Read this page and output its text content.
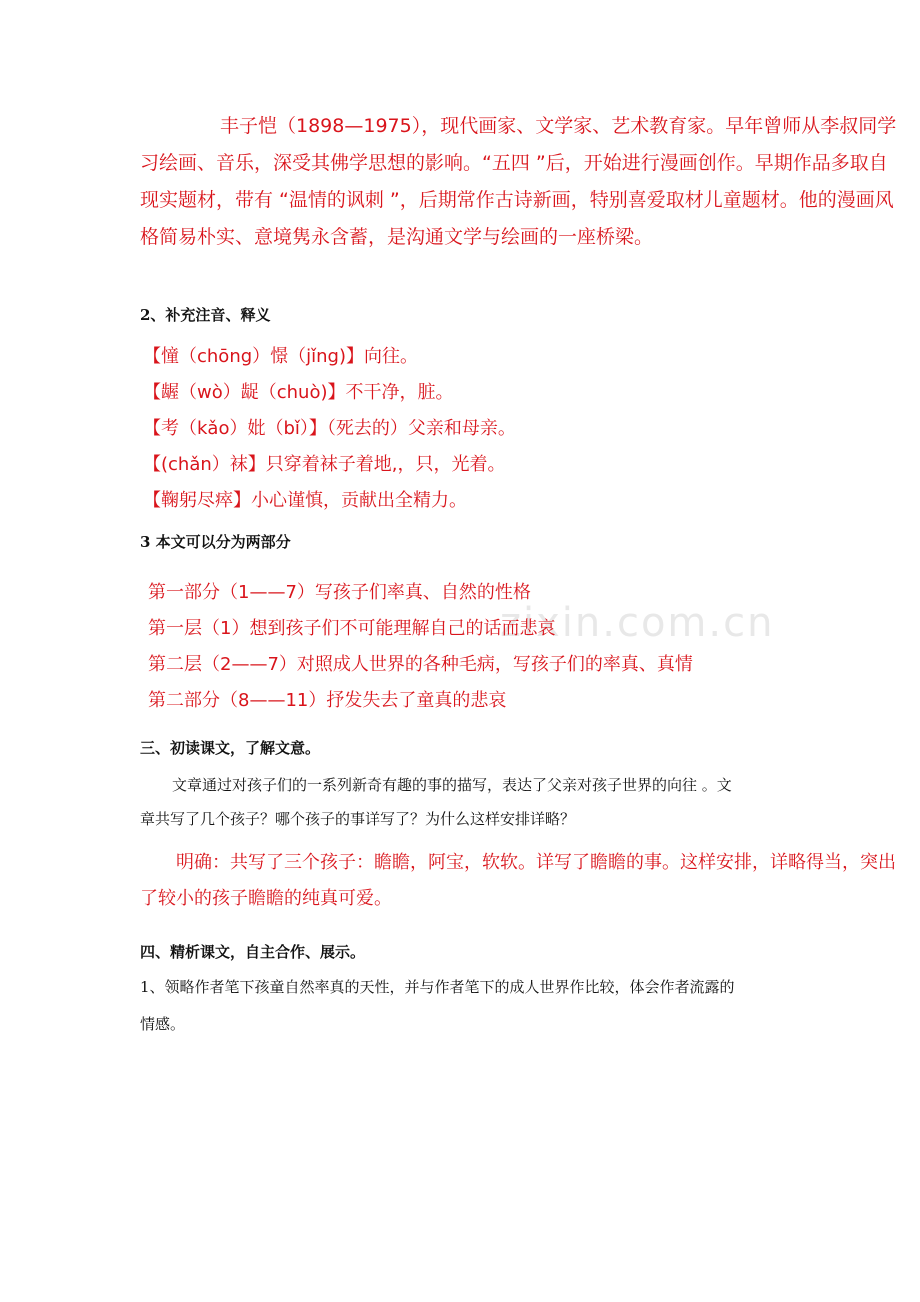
zixin.com.cn
丰子恺（1898—1975），现代画家、文学家、艺术教育家。早年曾师从李叔同学习绘画、音乐，深受其佛学思想的影响。“五四 ”后，开始进行漫画创作。早期作品多取自现实题材，带有 “温情的讽刺 ”，后期常作古诗新画，特别喜爱取材儿童题材。他的漫画风格简易朴实、意境隽永含蓄，是沟通文学与绘画的一座桥梁。
2、补充注音、释义
【憧（chōng）憬（jǐng)】向往。
【龌（wò）龊（chuò)】不干净，脏。
【考（kǎo）妣（bǐ）】（死去的）父亲和母亲。
【(chǎn）袜】只穿着袜子着地,，只，光着。
【鞠躬尽瘁】小心谨慎，贡献出全精力。
3 本文可以分为两部分
第一部分（1——7）写孩子们率真、自然的性格
第一层（1）想到孩子们不可能理解自己的话而悲哀
第二层（2——7）对照成人世界的各种毛病，写孩子们的率真、真情
第二部分（8——11）抒发失去了童真的悲哀
三、初读课文，了解文意。
文章通过对孩子们的一系列新奇有趣的事的描写，表达了父亲对孩子世界的向往 。文
章共写了几个孩子？哪个孩子的事详写了？为什么这样安排详略？
明确：共写了三个孩子：瞻瞻，阿宝，软软。详写了瞻瞻的事。这样安排，详略得当，突出了较小的孩子瞻瞻的纯真可爱。
四、精析课文，自主合作、展示。
1、领略作者笔下孩童自然率真的天性，并与作者笔下的成人世界作比较，体会作者流露的
情感。
